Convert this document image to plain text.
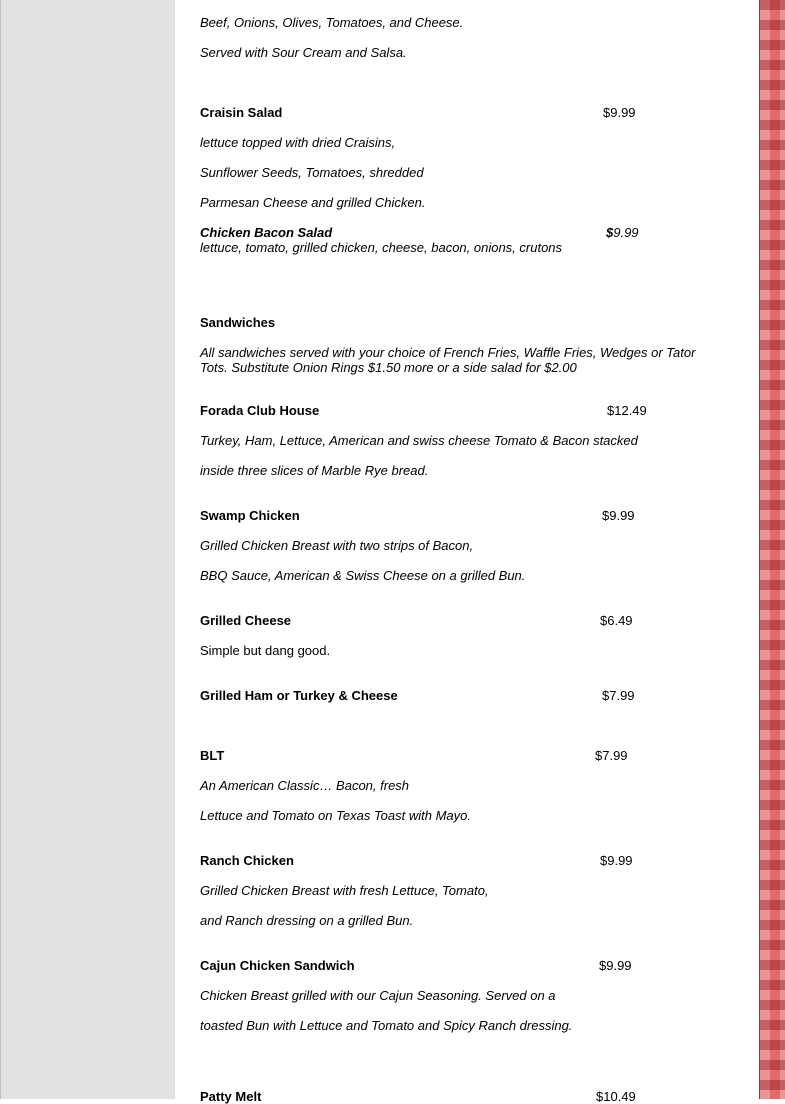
Beef, Onions, Olives, Tomatoes, and Cheese.
Served with Sour Cream and Salsa.
Craisin Salad	$9.99
lettuce topped with dried Craisins,
Sunflower Seeds, Tomatoes, shredded
Parmesan Cheese and grilled Chicken.
Chicken Bacon Salad	$9.99
lettuce, tomato, grilled chicken, cheese, bacon, onions, crutons
Sandwiches
All sandwiches served with your choice of French Fries, Waffle Fries, Wedges or Tator Tots. Substitute Onion Rings $1.50 more or a side salad for $2.00
Forada Club House	$12.49
Turkey, Ham, Lettuce, American and swiss cheese Tomato & Bacon stacked
inside three slices of Marble Rye bread.
Swamp Chicken	$9.99
Grilled Chicken Breast with two strips of Bacon,
BBQ Sauce, American & Swiss Cheese on a grilled Bun.
Grilled Cheese	$6.49
Simple but dang good.
Grilled Ham or Turkey & Cheese	$7.99
BLT	$7.99
An American Classic… Bacon, fresh
Lettuce and Tomato on Texas Toast with Mayo.
Ranch Chicken	$9.99
Grilled Chicken Breast with fresh Lettuce, Tomato,
and Ranch dressing on a grilled Bun.
Cajun Chicken Sandwich	$9.99
Chicken Breast grilled with our Cajun Seasoning. Served on a
toasted Bun with Lettuce and Tomato and Spicy Ranch dressing.
Patty Melt	$10.49
